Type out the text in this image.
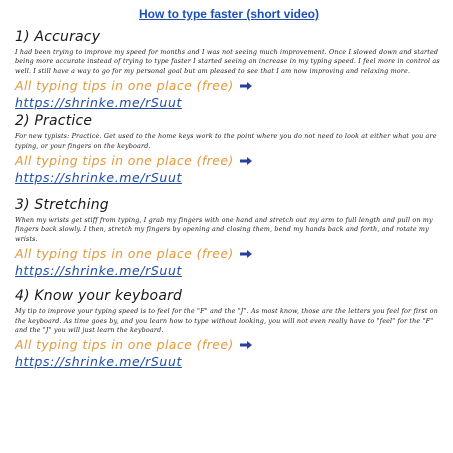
How to type faster (short video)
1) Accuracy

I had been trying to improve my speed for months and I was not seeing much improvement. Once I slowed down and started being more accurate instead of trying to type faster I started seeing an increase in my typing speed. I feel more in control as well. I still have a way to go for my personal goal but am pleased to see that I am now improving and relaxing more.

All typing tips in one place (free)
https://shrinke.me/rSuut
2) Practice

For new typists: Practice. Get used to the home keys work to the point where you do not need to look at either what you are typing, or your fingers on the keyboard.

All typing tips in one place (free)
https://shrinke.me/rSuut
3) Stretching

When my wrists get stiff from typing, I grab my fingers with one hand and stretch out my arm to full length and pull on my fingers back slowly. I then, stretch my fingers by opening and closing them, bend my hands back and forth, and rotate my wrists.

All typing tips in one place (free)
https://shrinke.me/rSuut
4) Know your keyboard

My tip to improve your typing speed is to feel for the "F" and the "J". As most know, those are the letters you feel for first on the keyboard. As time goes by, and you learn how to type without looking, you will not even really have to "feel" for the "F" and the "J" you will just learn the keyboard.

All typing tips in one place (free)
https://shrinke.me/rSuut
